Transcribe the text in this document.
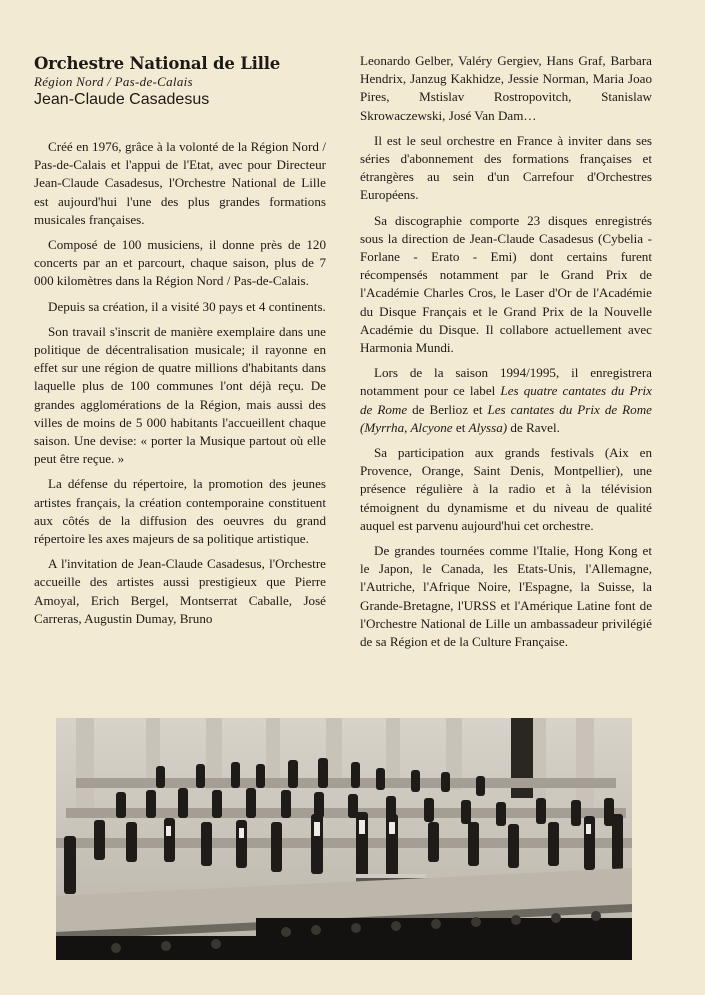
Orchestre National de Lille
Région Nord / Pas-de-Calais
Jean-Claude Casadesus

Créé en 1976, grâce à la volonté de la Région Nord / Pas-de-Calais et l'appui de l'Etat, avec pour Directeur Jean-Claude Casadesus, l'Orchestre National de Lille est aujourd'hui l'une des plus grandes formations musicales françaises.

Composé de 100 musiciens, il donne près de 120 concerts par an et parcourt, chaque saison, plus de 7 000 kilomètres dans la Région Nord / Pas-de-Calais.

Depuis sa création, il a visité 30 pays et 4 continents.

Son travail s'inscrit de manière exemplaire dans une politique de décentralisation musicale; il rayonne en effet sur une région de quatre millions d'habitants dans laquelle plus de 100 communes l'ont déjà reçu. De grandes agglomérations de la Région, mais aussi des villes de moins de 5 000 habitants l'accueillent chaque saison. Une devise: « porter la Musique partout où elle peut être reçue. »

La défense du répertoire, la promotion des jeunes artistes français, la création contemporaine constituent aux côtés de la diffusion des oeuvres du grand répertoire les axes majeurs de sa politique artistique.

A l'invitation de Jean-Claude Casadesus, l'Orchestre accueille des artistes aussi prestigieux que Pierre Amoyal, Erich Bergel, Montserrat Caballe, José Carreras, Augustin Dumay, Bruno

Leonardo Gelber, Valéry Gergiev, Hans Graf, Barbara Hendrix, Janzug Kakhidze, Jessie Norman, Maria Joao Pires, Mstislav Rostropovitch, Stanislaw Skrowaczewski, José Van Dam…

Il est le seul orchestre en France à inviter dans ses séries d'abonnement des formations françaises et étrangères au sein d'un Carrefour d'Orchestres Européens.

Sa discographie comporte 23 disques enregistrés sous la direction de Jean-Claude Casadesus (Cybelia - Forlane - Erato - Emi) dont certains furent récompensés notamment par le Grand Prix de l'Académie Charles Cros, le Laser d'Or de l'Académie du Disque Français et le Grand Prix de la Nouvelle Académie du Disque. Il collabore actuellement avec Harmonia Mundi.

Lors de la saison 1994/1995, il enregistrera notamment pour ce label Les quatre cantates du Prix de Rome de Berlioz et Les cantates du Prix de Rome (Myrrha, Alcyone et Alyssa) de Ravel.

Sa participation aux grands festivals (Aix en Provence, Orange, Saint Denis, Montpellier), une présence régulière à la radio et à la télévision témoignent du dynamisme et du niveau de qualité auquel est parvenu aujourd'hui cet orchestre.

De grandes tournées comme l'Italie, Hong Kong et le Japon, le Canada, les Etats-Unis, l'Allemagne, l'Autriche, l'Afrique Noire, l'Espagne, la Suisse, la Grande-Bretagne, l'URSS et l'Amérique Latine font de l'Orchestre National de Lille un ambassadeur privilégié de sa Région et de la Culture Française.
